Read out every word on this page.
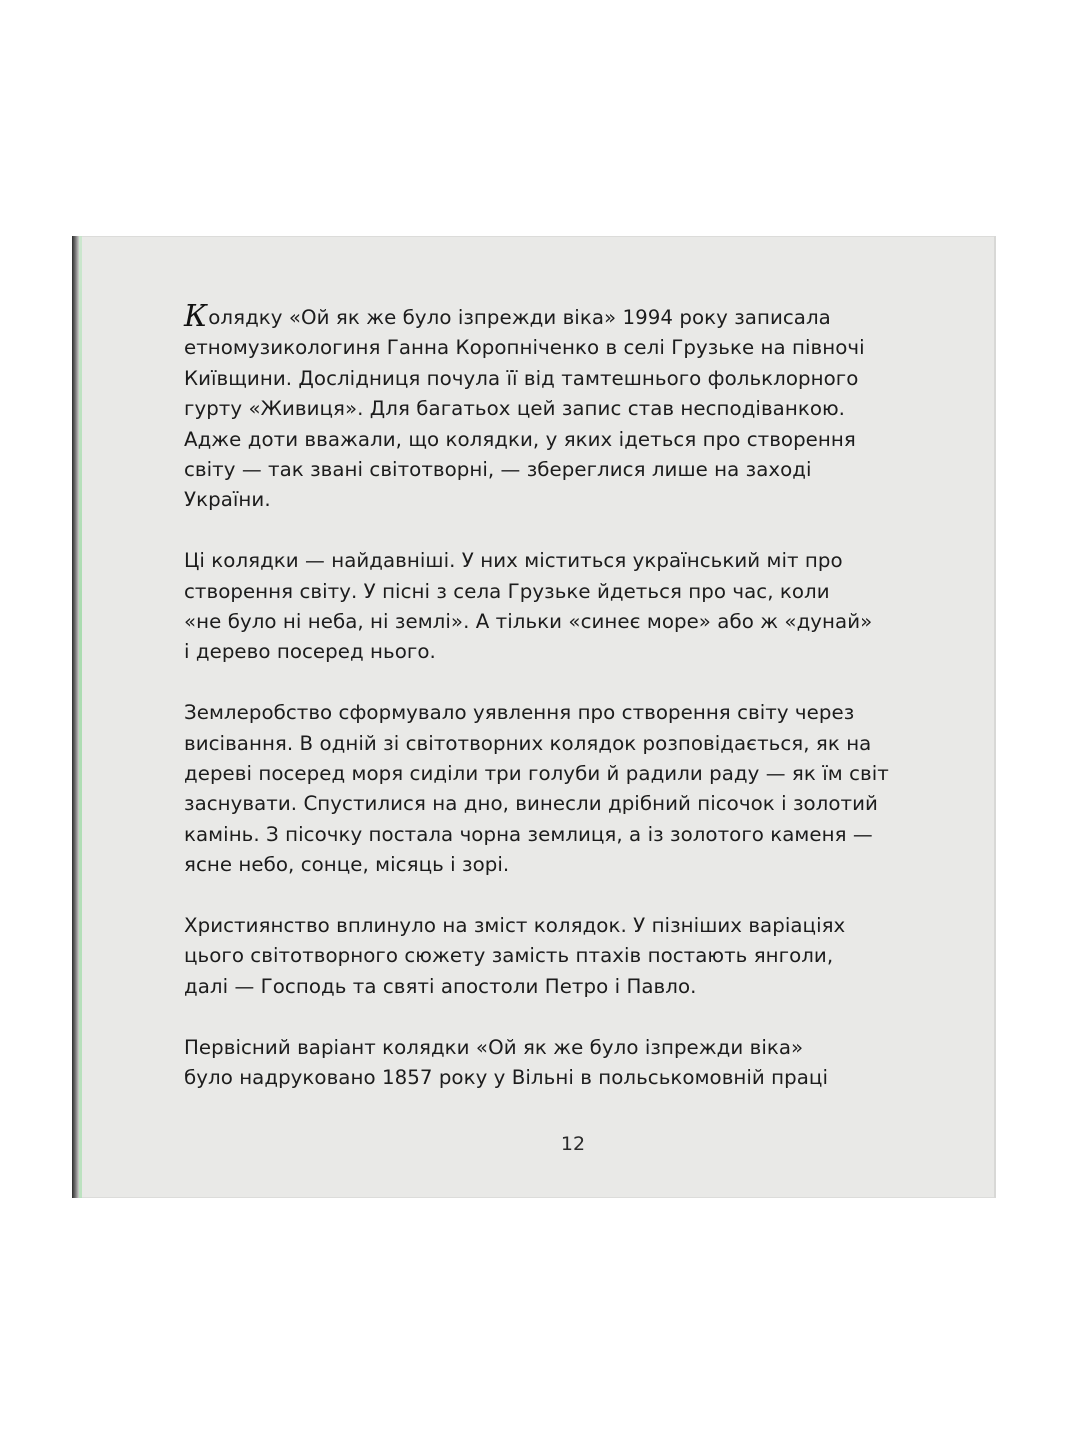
Колядку «Ой як же було ізпрежди віка» 1994 року записала
етномузикологиня Ганна Коропніченко в селі Грузьке на півночі
Київщини. Дослідниця почула її від тамтешнього фольклорного
гурту «Живиця». Для багатьох цей запис став несподіванкою.
Адже доти вважали, що колядки, у яких ідеться про створення
світу — так звані світотворні, — збереглися лише на заході
України.

Ці колядки — найдавніші. У них міститься український міт про
створення світу. У пісні з села Грузьке йдеться про час, коли
«не було ні неба, ні землі». А тільки «синеє море» або ж «дунай»
і дерево посеред нього.

Землеробство сформувало уявлення про створення світу через
висівання. В одній зі світотворних колядок розповідається, як на
дереві посеред моря сиділи три голуби й радили раду — як їм світ
заснувати. Спустилися на дно, винесли дрібний пісочок і золотий
камінь. З пісочку постала чорна землиця, а із золотого каменя —
ясне небо, сонце, місяць і зорі.

Християнство вплинуло на зміст колядок. У пізніших варіаціях
цього світотворного сюжету замість птахів постають янголи,
далі — Господь та святі апостоли Петро і Павло.

Первісний варіант колядки «Ой як же було ізпрежди віка»
було надруковано 1857 року у Вільні в польськомовній праці

12
